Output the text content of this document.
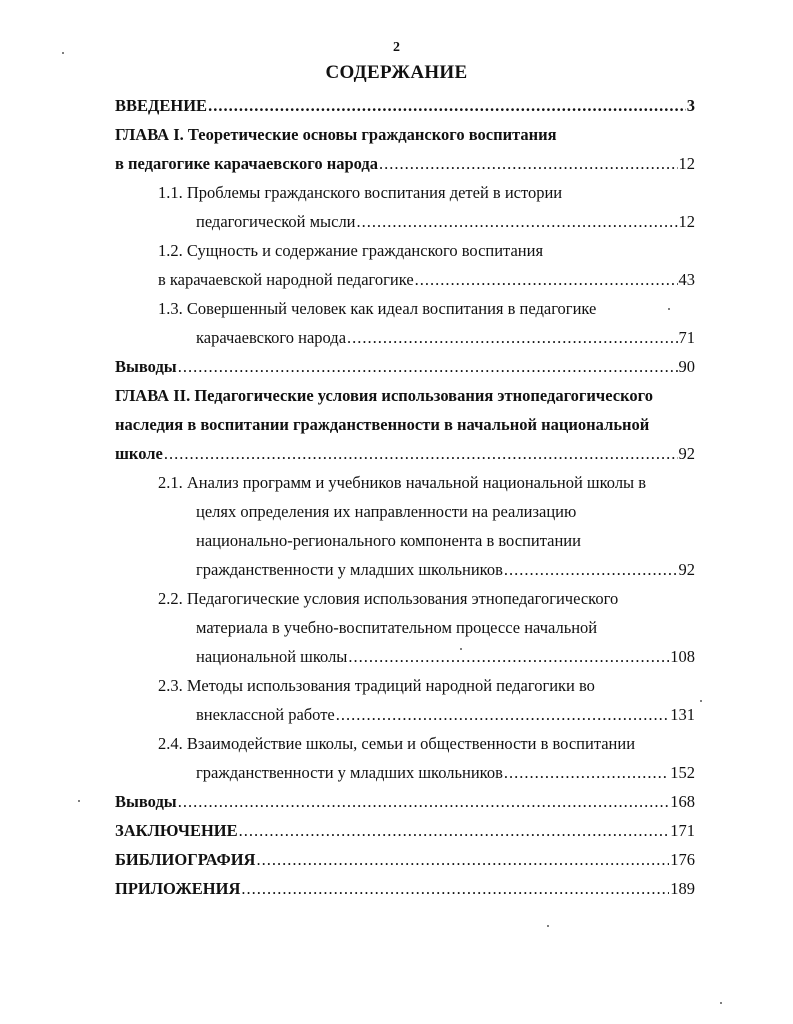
2
СОДЕРЖАНИЕ
ВВЕДЕНИЕ .....	3
ГЛАВА I. Теоретические основы гражданского воспитания
в педагогике карачаевского народа .....	12
1.1. Проблемы гражданского воспитания детей в истории
педагогической мысли .....	12
1.2. Сущность и содержание гражданского воспитания
в карачаевской народной педагогике .....	43
1.3. Совершенный человек как идеал воспитания в педагогике
карачаевского народа .....	71
Выводы .....	90
ГЛАВА II. Педагогические условия использования этнопедагогического
наследия в воспитании гражданственности в начальной национальной
школе .....	92
2.1. Анализ программ и учебников начальной национальной школы в
целях определения их направленности на реализацию
национально-регионального компонента в воспитании
гражданственности у младших школьников .....	92
2.2. Педагогические условия использования этнопедагогического
материала в учебно-воспитательном процессе начальной
национальной школы .....	108
2.3. Методы использования традиций народной педагогики во
внеклассной работе .....	131
2.4. Взаимодействие школы, семьи и общественности в воспитании
гражданственности у младших школьников .....	152
Выводы .....	168
ЗАКЛЮЧЕНИЕ .....	171
БИБЛИОГРАФИЯ .....	176
ПРИЛОЖЕНИЯ .....	189
